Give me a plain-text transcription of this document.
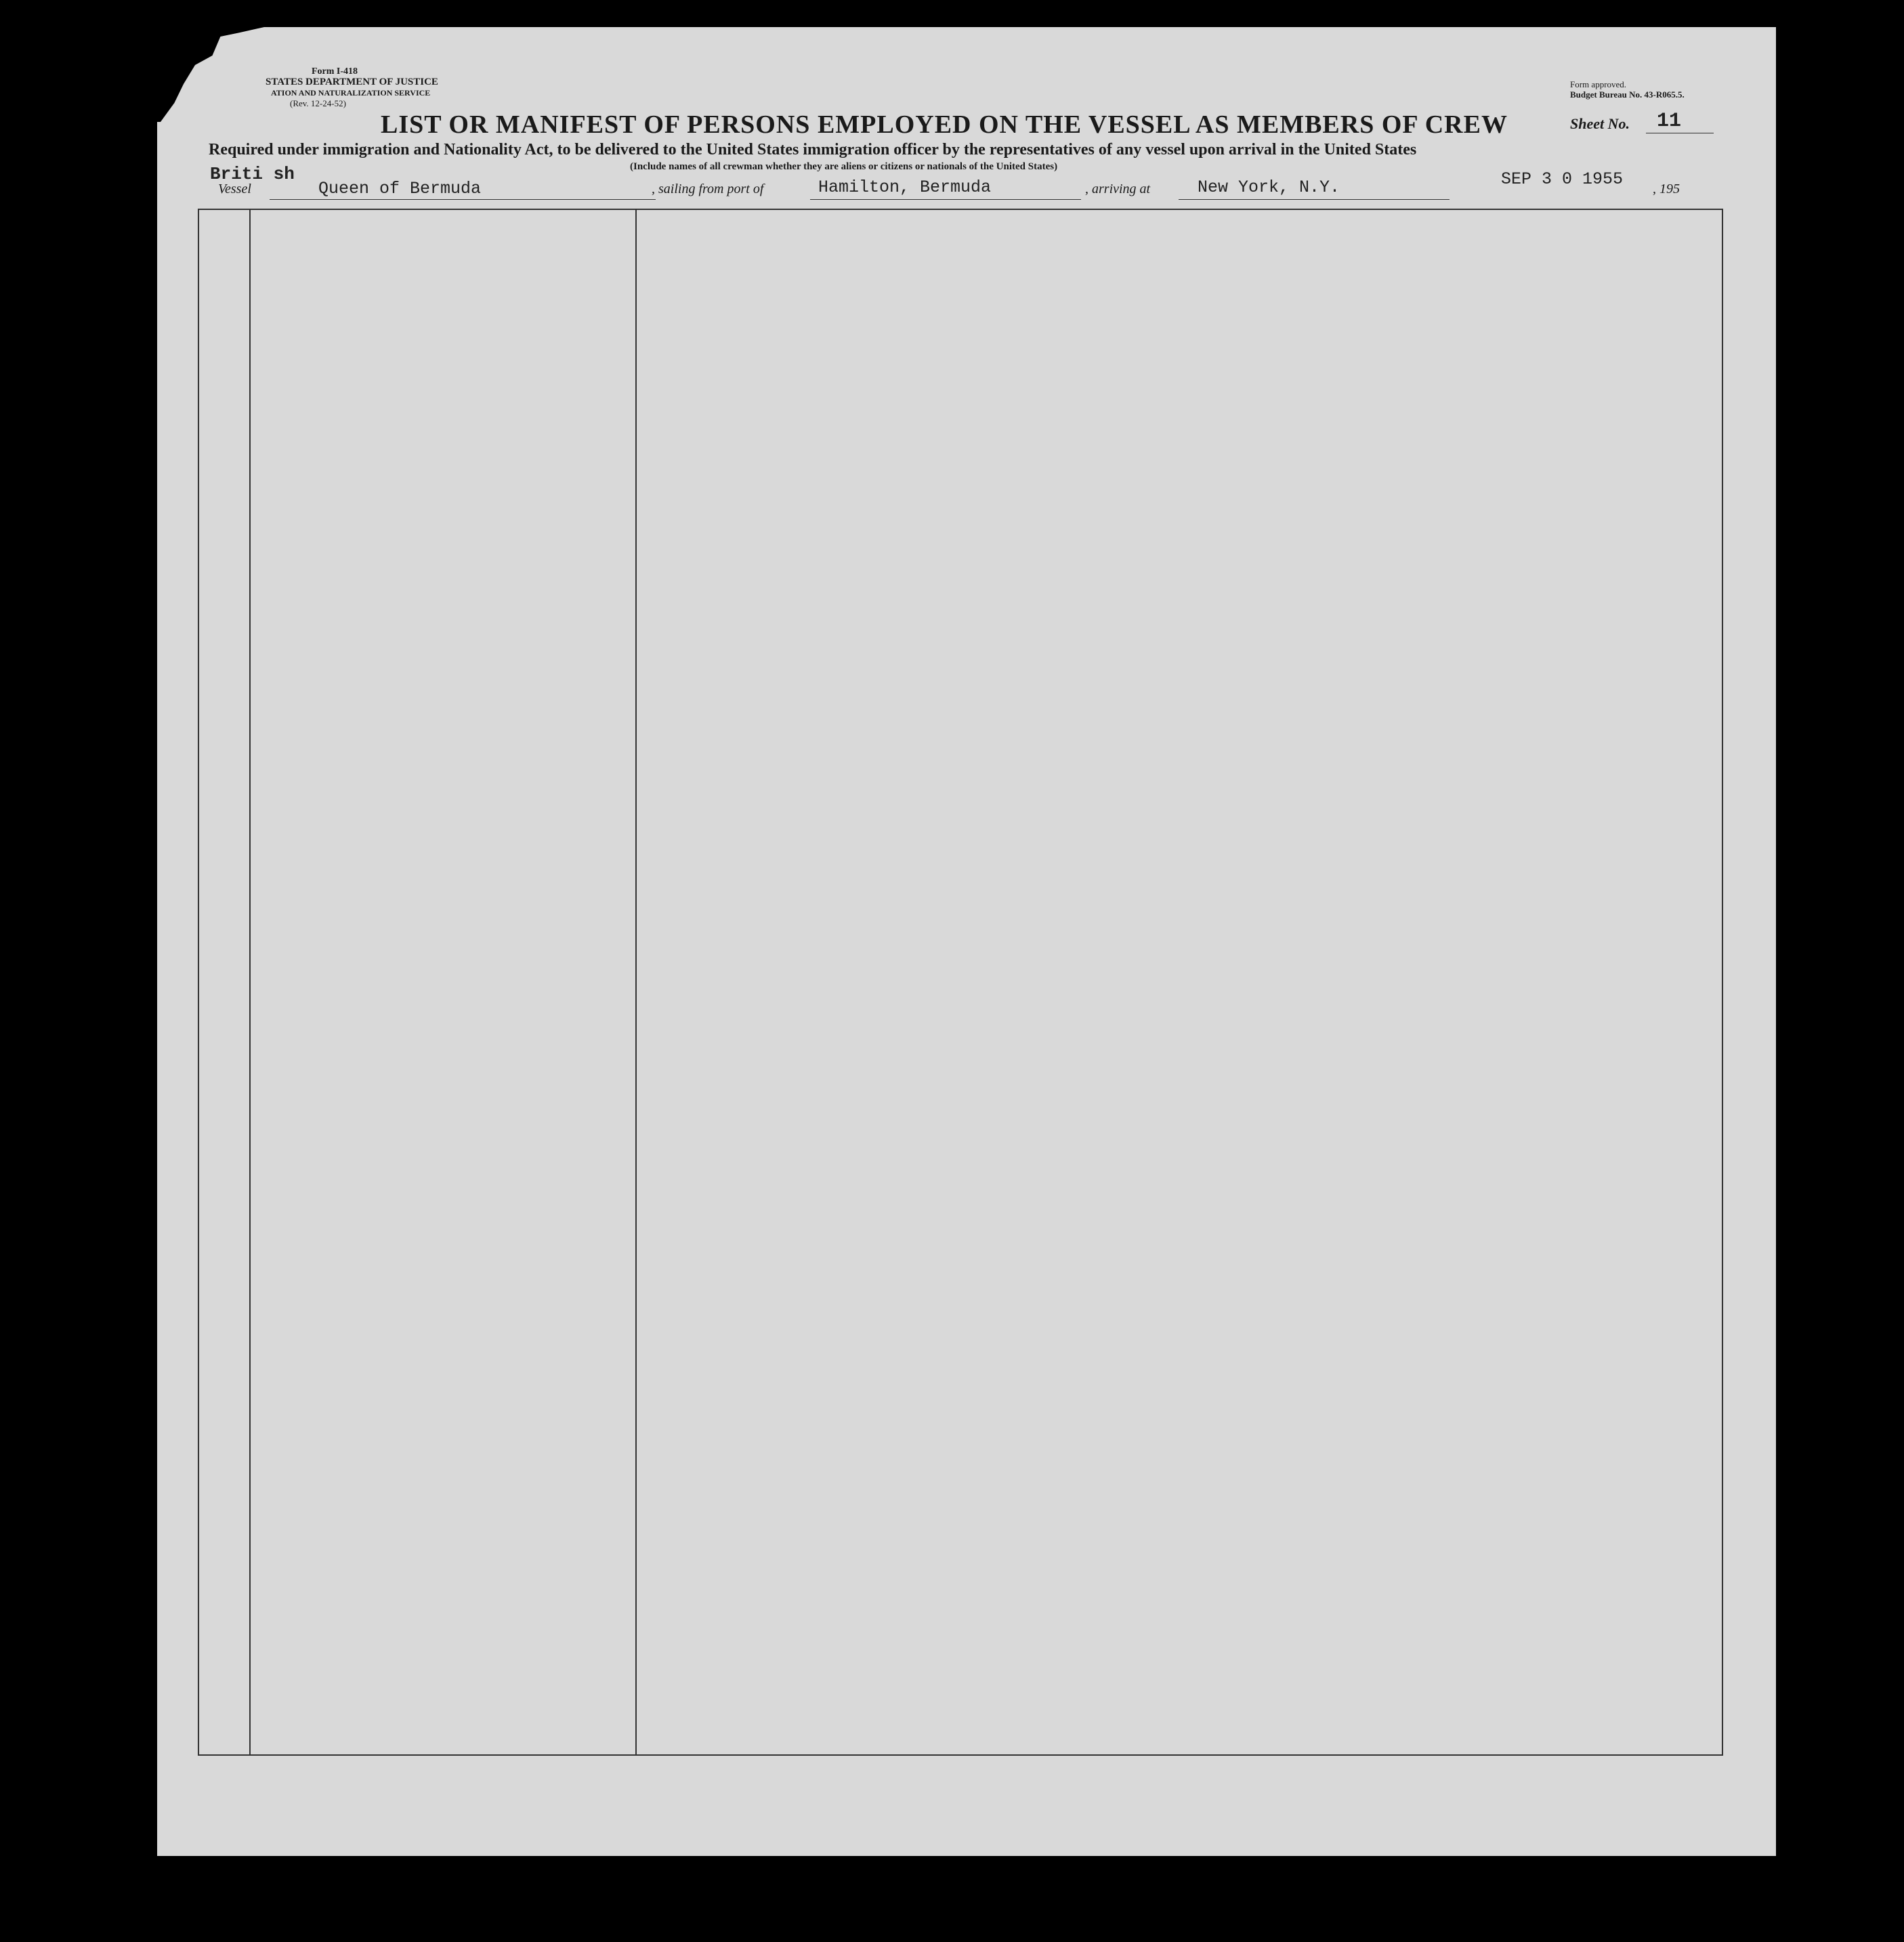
Form I-418
STATES DEPARTMENT OF JUSTICE
ATION AND NATURALIZATION SERVICE
(Rev. 12-24-52)
Form approved.
Budget Bureau No. 43-R065.5.
LIST OR MANIFEST OF PERSONS EMPLOYED ON THE VESSEL AS MEMBERS OF CREW	Sheet No. 11
Required under immigration and Nationality Act, to be delivered to the United States immigration officer by the representatives of any vessel upon arrival in the United States
(Include names of all crewman whether they are aliens or citizens or nationals of the United States)
Briti sh
Vessel	Queen of Bermuda	, sailing from port of	Hamilton, Bermuda	, arriving at	New York, N.Y.	SEP 3 0 1955 , 195
